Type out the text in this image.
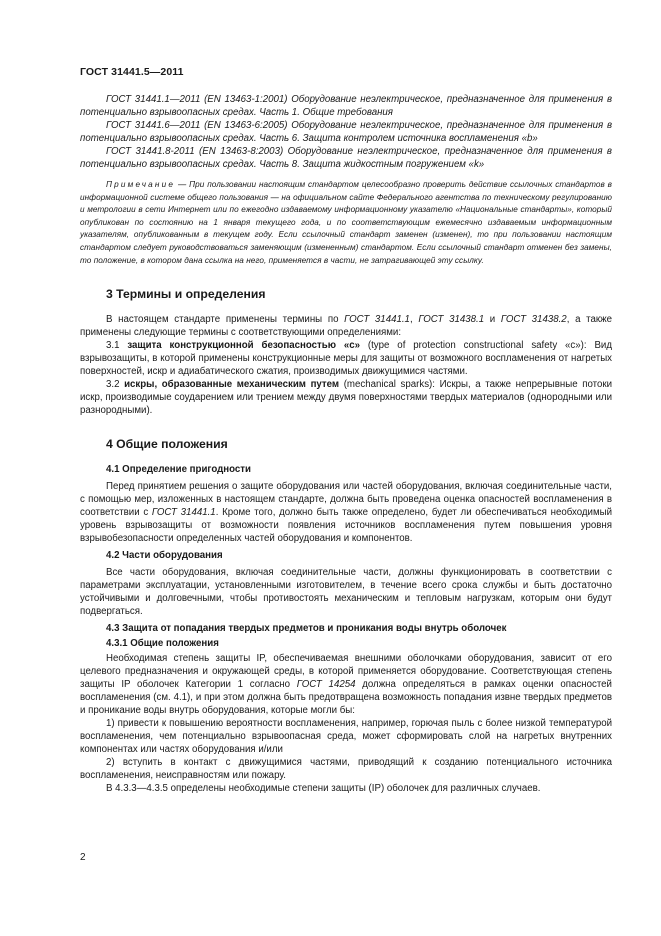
ГОСТ 31441.5—2011

ГОСТ 31441.1—2011 (EN 13463-1:2001) Оборудование неэлектрическое, предназначенное для применения в потенциально взрывоопасных средах. Часть 1. Общие требования

ГОСТ 31441.6—2011 (EN 13463-6:2005) Оборудование неэлектрическое, предназначенное для применения в потенциально взрывоопасных средах. Часть 6. Защита контролем источника воспламенения «b»

ГОСТ 31441.8-2011 (EN 13463-8:2003) Оборудование неэлектрическое, предназначенное для применения в потенциально взрывоопасных средах. Часть 8. Защита жидкостным погружением «k»

Примечание — При пользовании настоящим стандартом целесообразно проверить действие ссылочных стандартов в информационной системе общего пользования — на официальном сайте Федерального агентства по техническому регулированию и метрологии в сети Интернет или по ежегодно издаваемому информационному указателю «Национальные стандарты», который опубликован по состоянию на 1 января текущего года, и по соответствующим ежемесячно издаваемым информационным указателям, опубликованным в текущем году. Если ссылочный стандарт заменен (изменен), то при пользовании настоящим стандартом следует руководствоваться заменяющим (измененным) стандартом. Если ссылочный стандарт отменен без замены, то положение, в котором дана ссылка на него, применяется в части, не затрагивающей эту ссылку.

3 Термины и определения

В настоящем стандарте применены термины по ГОСТ 31441.1, ГОСТ 31438.1 и ГОСТ 31438.2, а также применены следующие термины с соответствующими определениями:

3.1 защита конструкционной безопасностью «c» (type of protection constructional safety «c»): Вид взрывозащиты, в которой применены конструкционные меры для защиты от возможного воспламенения от нагретых поверхностей, искр и адиабатического сжатия, производимых движущимися частями.

3.2 искры, образованные механическим путем (mechanical sparks): Искры, а также непрерывные потоки искр, производимые соударением или трением между двумя поверхностями твердых материалов (однородными или разнородными).

4 Общие положения
4.1 Определение пригодности

Перед принятием решения о защите оборудования или частей оборудования, включая соединительные части, с помощью мер, изложенных в настоящем стандарте, должна быть проведена оценка опасностей воспламенения в соответствии с ГОСТ 31441.1. Кроме того, должно быть также определено, будет ли обеспечиваться необходимый уровень взрывозащиты от возможности появления источников воспламенения путем повышения уровня взрывобезопасности определенных частей оборудования и компонентов.

4.2 Части оборудования

Все части оборудования, включая соединительные части, должны функционировать в соответствии с параметрами эксплуатации, установленными изготовителем, в течение всего срока службы и быть достаточно устойчивыми и долговечными, чтобы противостоять механическим и тепловым нагрузкам, которым они будут подвергаться.

4.3 Защита от попадания твердых предметов и проникания воды внутрь оболочек
4.3.1 Общие положения

Необходимая степень защиты IP, обеспечиваемая внешними оболочками оборудования, зависит от его целевого предназначения и окружающей среды, в которой применяется оборудование. Соответствующая степень защиты IP оболочек Категории 1 согласно ГОСТ 14254 должна определяться в рамках оценки опасностей воспламенения (см. 4.1), и при этом должна быть предотвращена возможность попадания извне твердых предметов и проникание воды внутрь оборудования, которые могли бы:

1) привести к повышению вероятности воспламенения, например, горючая пыль с более низкой температурой воспламенения, чем потенциально взрывоопасная среда, может сформировать слой на нагретых внутренних компонентах или частях оборудования и/или

2) вступить в контакт с движущимися частями, приводящий к созданию потенциального источника воспламенения, неисправностям или пожару.

В 4.3.3—4.3.5 определены необходимые степени защиты (IP) оболочек для различных случаев.

2
